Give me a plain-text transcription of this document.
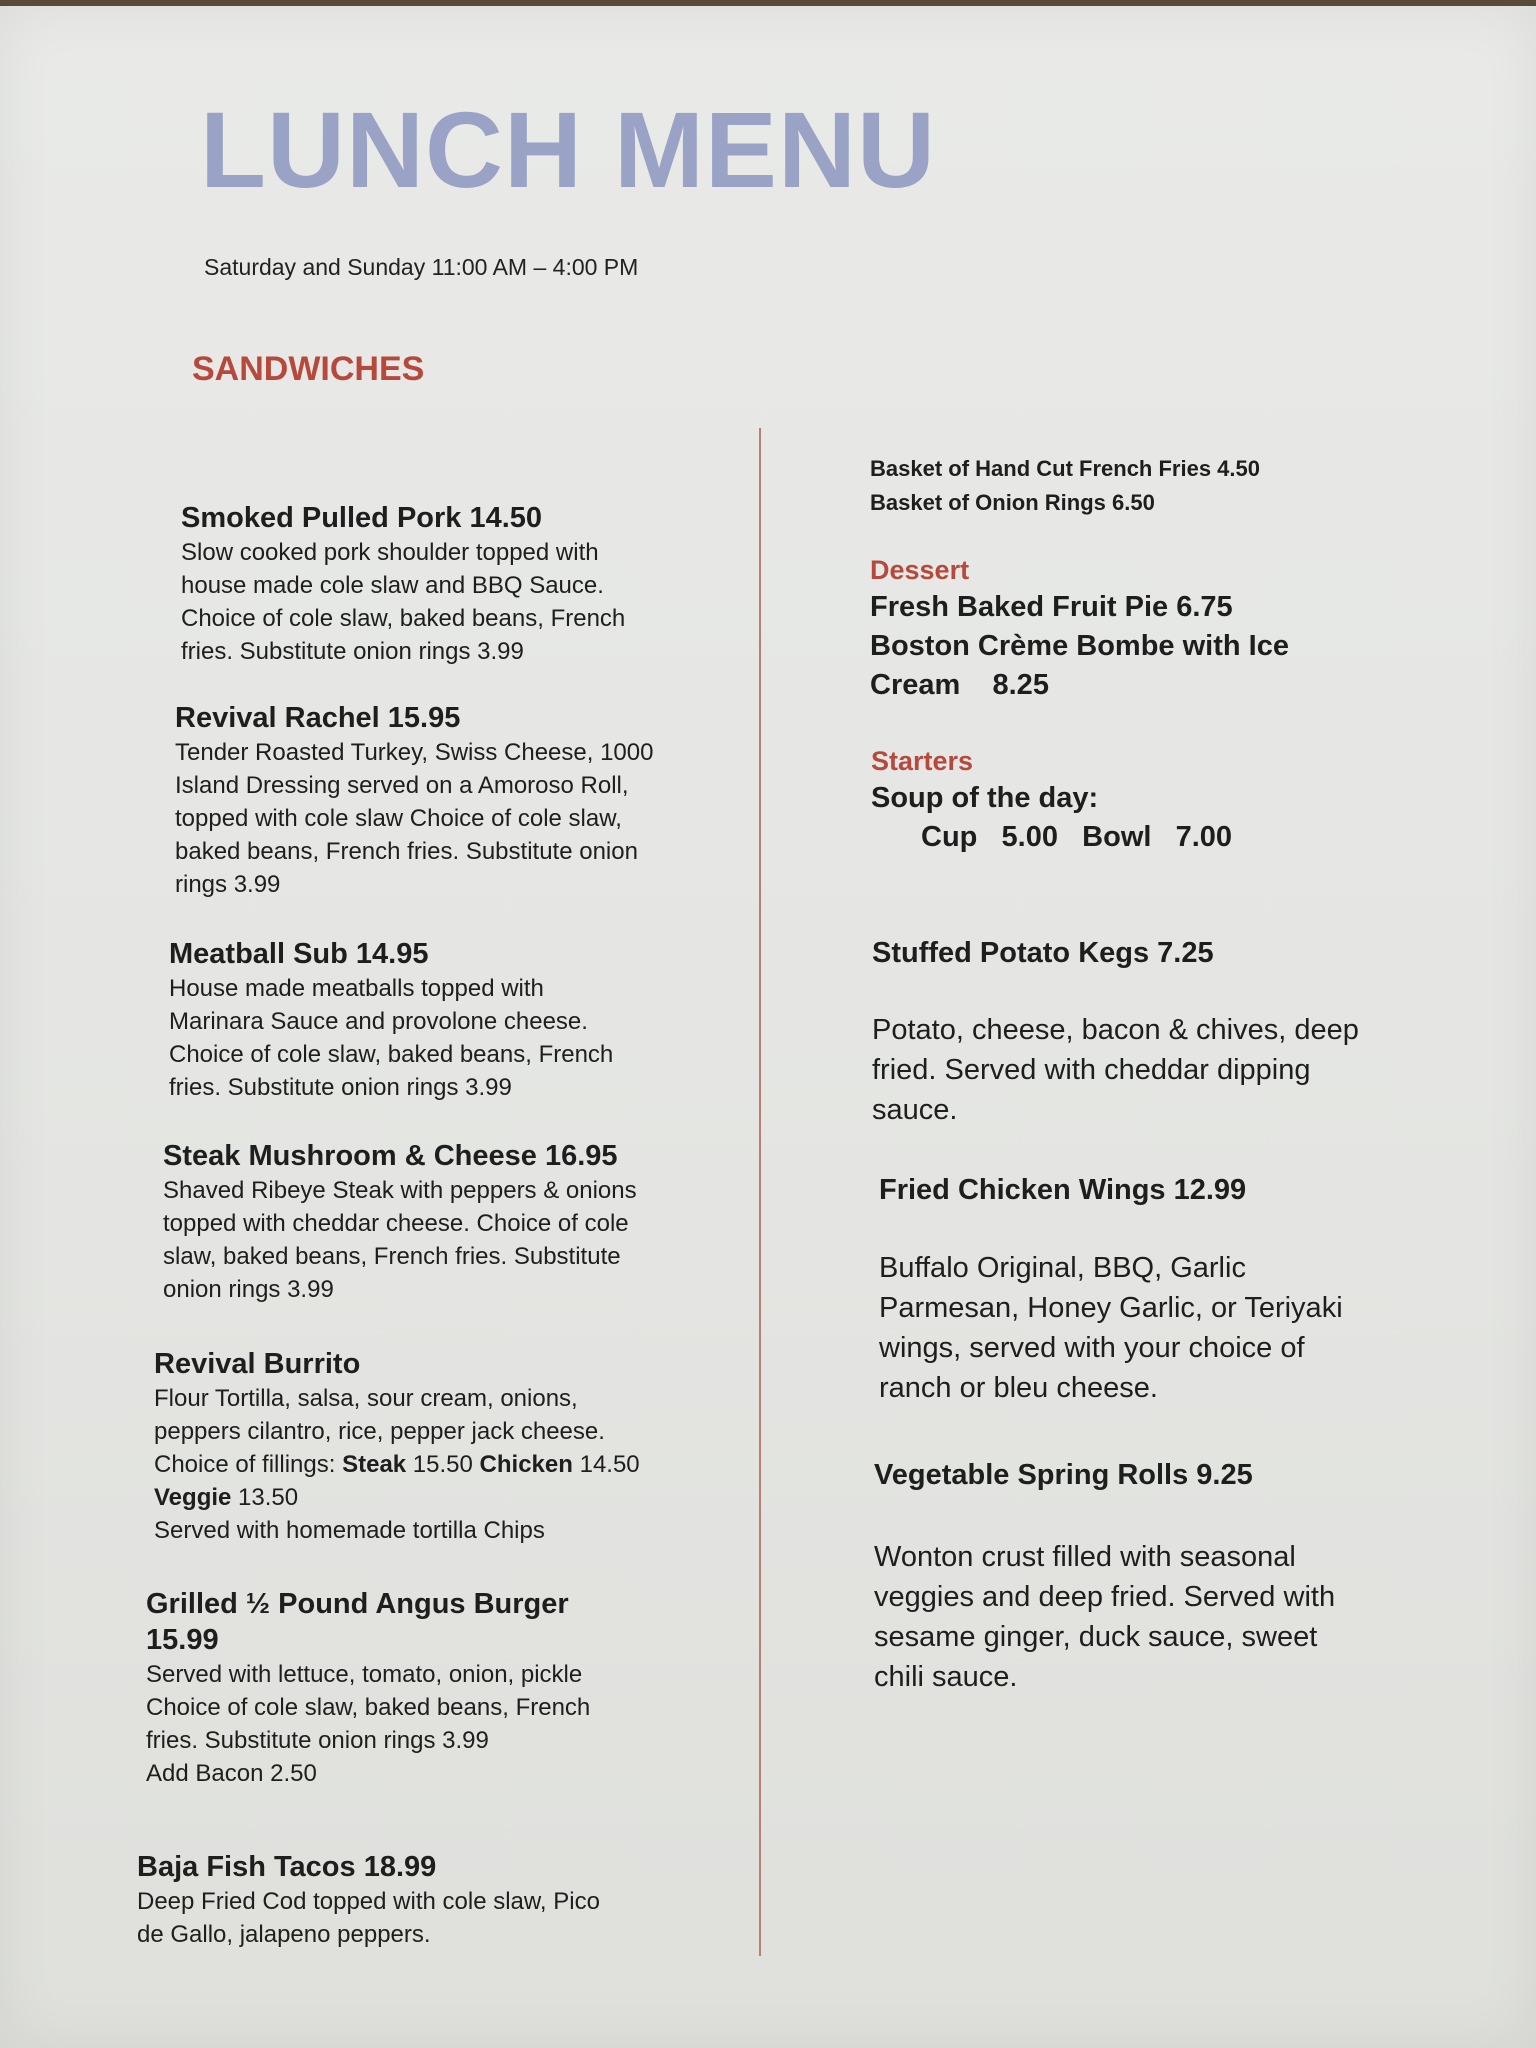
LUNCH MENU
Saturday and Sunday 11:00 AM – 4:00 PM
SANDWICHES
Smoked Pulled Pork 14.50
Slow cooked pork shoulder topped with
house made cole slaw and BBQ Sauce.
Choice of cole slaw, baked beans, French
fries. Substitute onion rings 3.99
Revival Rachel 15.95
Tender Roasted Turkey, Swiss Cheese, 1000
Island Dressing served on a Amoroso Roll,
topped with cole slaw Choice of cole slaw,
baked beans, French fries. Substitute onion
rings 3.99
Meatball Sub 14.95
House made meatballs topped with
Marinara Sauce and provolone cheese.
Choice of cole slaw, baked beans, French
fries. Substitute onion rings 3.99
Steak Mushroom & Cheese 16.95
Shaved Ribeye Steak with peppers & onions
topped with cheddar cheese. Choice of cole
slaw, baked beans, French fries. Substitute
onion rings 3.99
Revival Burrito
Flour Tortilla, salsa, sour cream, onions,
peppers cilantro, rice, pepper jack cheese.
Choice of fillings: Steak 15.50 Chicken 14.50
Veggie 13.50
Served with homemade tortilla Chips
Grilled ½ Pound Angus Burger
15.99
Served with lettuce, tomato, onion, pickle
Choice of cole slaw, baked beans, French
fries. Substitute onion rings 3.99
Add Bacon 2.50
Baja Fish Tacos 18.99
Deep Fried Cod topped with cole slaw, Pico
de Gallo, jalapeno peppers.
Basket of Hand Cut French Fries 4.50
Basket of Onion Rings 6.50
Dessert
Fresh Baked Fruit Pie 6.75
Boston Crème Bombe with Ice
Cream    8.25
Starters
Soup of the day:
Cup   5.00   Bowl   7.00
Stuffed Potato Kegs 7.25
Potato, cheese, bacon & chives, deep
fried. Served with cheddar dipping
sauce.
Fried Chicken Wings 12.99
Buffalo Original, BBQ, Garlic
Parmesan, Honey Garlic, or Teriyaki
wings, served with your choice of
ranch or bleu cheese.
Vegetable Spring Rolls 9.25
Wonton crust filled with seasonal
veggies and deep fried. Served with
sesame ginger, duck sauce, sweet
chili sauce.
